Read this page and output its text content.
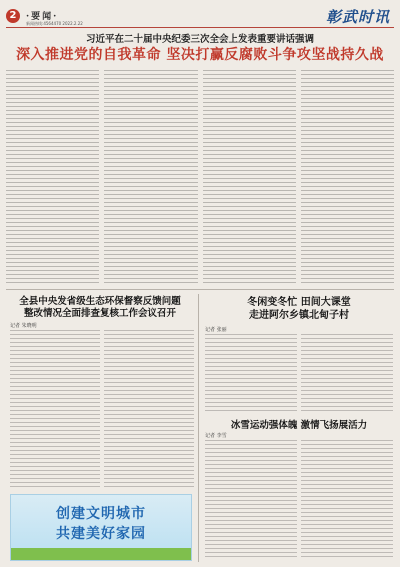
2	·要闻·
新闻热线:4564470 2022.2.22	彰武时讯
习近平在二十届中央纪委三次全会上发表重要讲话强调
深入推进党的自我革命 坚决打赢反腐败斗争攻坚战持久战
全县中央发省级生态环保督察反馈问题
整改情况全面排查复核工作会议召开
记者 朱晓明
创建文明城市
共建美好家园
冬闲变冬忙 田间大课堂
走进阿尔乡镇北甸子村
记者 张丽
冰雪运动强体魄 激情飞扬展活力
记者 李雪
